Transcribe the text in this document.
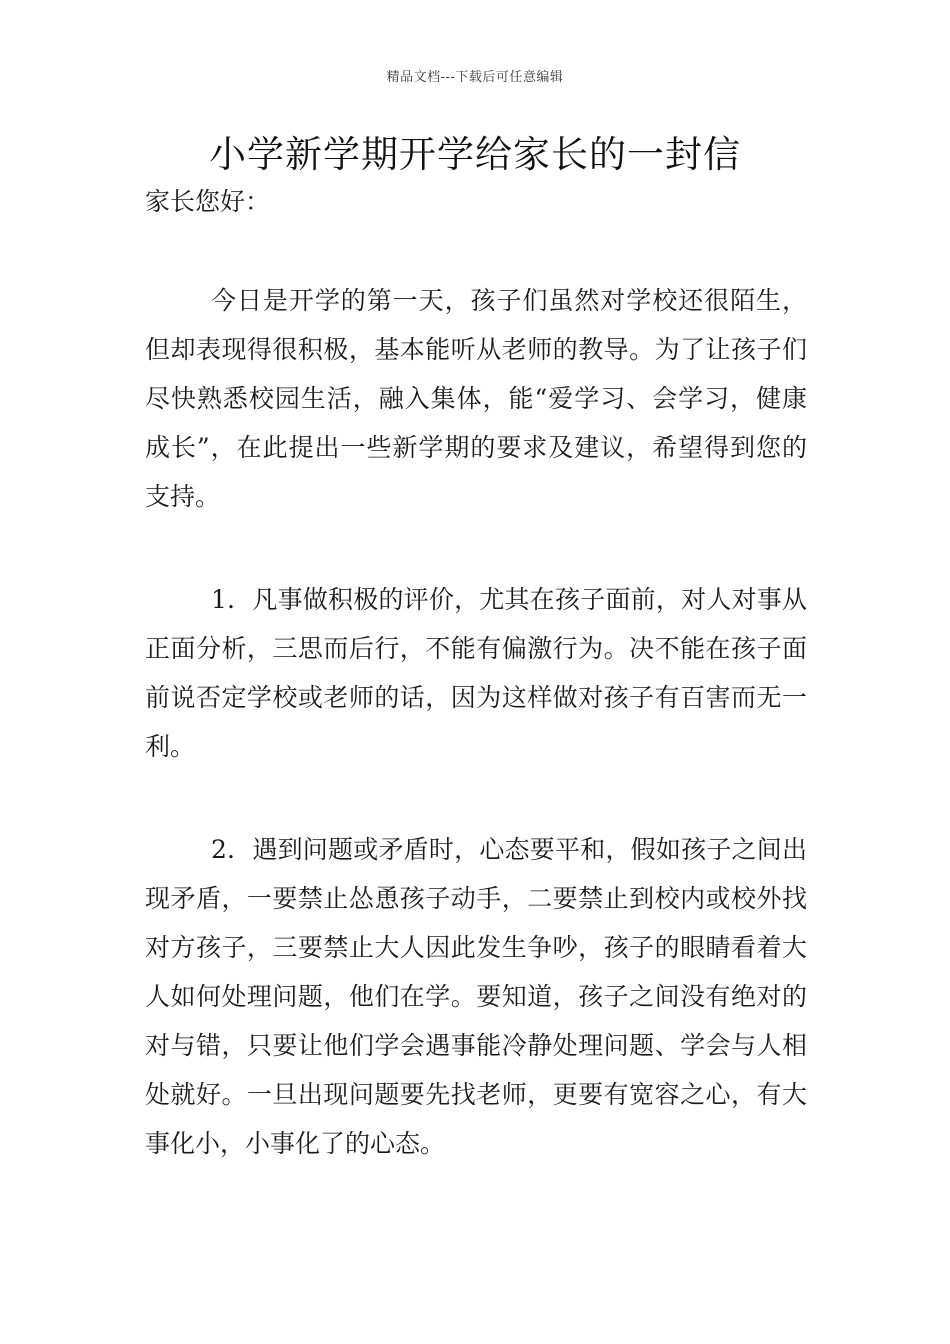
精品文档---下载后可任意编辑
小学新学期开学给家长的一封信
家长您好：

今日是开学的第一天，孩子们虽然对学校还很陌生，但却表现得很积极，基本能听从老师的教导。为了让孩子们尽快熟悉校园生活，融入集体，能“爱学习、会学习，健康成长”，在此提出一些新学期的要求及建议，希望得到您的支持。

1．凡事做积极的评价，尤其在孩子面前，对人对事从正面分析，三思而后行，不能有偏激行为。决不能在孩子面前说否定学校或老师的话，因为这样做对孩子有百害而无一利。

2．遇到问题或矛盾时，心态要平和，假如孩子之间出现矛盾，一要禁止怂恿孩子动手，二要禁止到校内或校外找对方孩子，三要禁止大人因此发生争吵，孩子的眼睛看着大人如何处理问题，他们在学。要知道，孩子之间没有绝对的对与错，只要让他们学会遇事能冷静处理问题、学会与人相处就好。一旦出现问题要先找老师，更要有宽容之心，有大事化小，小事化了的心态。
